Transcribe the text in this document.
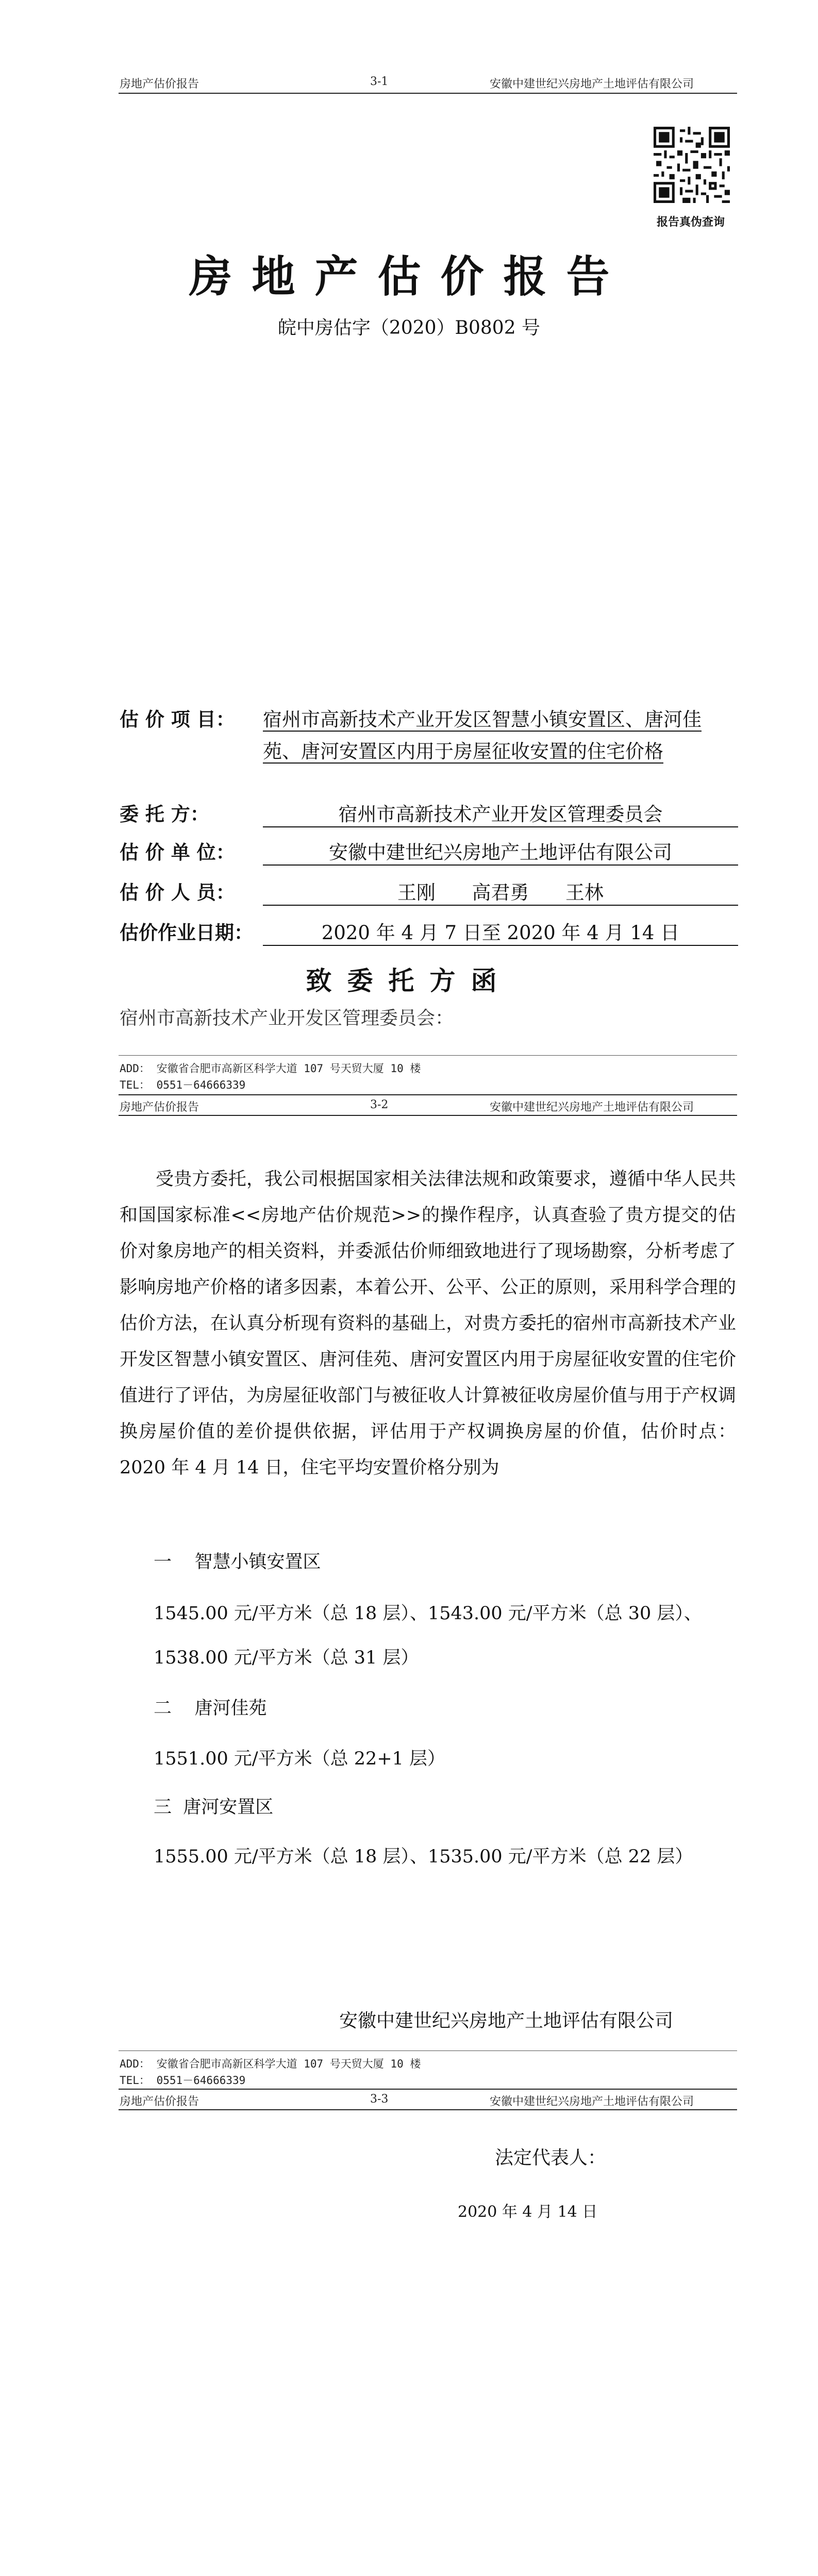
房地产估价报告	3-1	安徽中建世纪兴房地产土地评估有限公司
报告真伪查询
房地产估价报告
皖中房估字（2020）B0802 号
估 价 项 目： 宿州市高新技术产业开发区智慧小镇安置区、唐河佳苑、唐河安置区内用于房屋征收安置的住宅价格
委 托 方：	宿州市高新技术产业开发区管理委员会
估 价 单 位：	安徽中建世纪兴房地产土地评估有限公司
估 价 人 员：	王刚      高君勇      王林
估价作业日期：	2020 年 4 月 7 日至 2020 年 4 月 14 日
致委托方函
宿州市高新技术产业开发区管理委员会：
ADD： 安徽省合肥市高新区科学大道 107 号天贸大厦 10 楼
TEL： 0551－64666339
房地产估价报告	3-2	安徽中建世纪兴房地产土地评估有限公司
受贵方委托，我公司根据国家相关法律法规和政策要求，遵循中华人民共和国国家标准<<房地产估价规范>>的操作程序，认真查验了贵方提交的估价对象房地产的相关资料，并委派估价师细致地进行了现场勘察，分析考虑了影响房地产价格的诸多因素，本着公开、公平、公正的原则，采用科学合理的估价方法，在认真分析现有资料的基础上，对贵方委托的宿州市高新技术产业开发区智慧小镇安置区、唐河佳苑、唐河安置区内用于房屋征收安置的住宅价值进行了评估，为房屋征收部门与被征收人计算被征收房屋价值与用于产权调换房屋价值的差价提供依据，评估用于产权调换房屋的价值，估价时点：2020 年 4 月 14 日，住宅平均安置价格分别为
一    智慧小镇安置区
1545.00 元/平方米（总 18 层）、1543.00 元/平方米（总 30 层）、
1538.00 元/平方米（总 31 层）
二    唐河佳苑
1551.00 元/平方米（总 22+1 层）
三  唐河安置区
1555.00 元/平方米（总 18 层）、1535.00 元/平方米（总 22 层）
安徽中建世纪兴房地产土地评估有限公司
ADD： 安徽省合肥市高新区科学大道 107 号天贸大厦 10 楼
TEL： 0551－64666339
房地产估价报告	3-3	安徽中建世纪兴房地产土地评估有限公司
法定代表人：
2020 年 4 月 14 日
